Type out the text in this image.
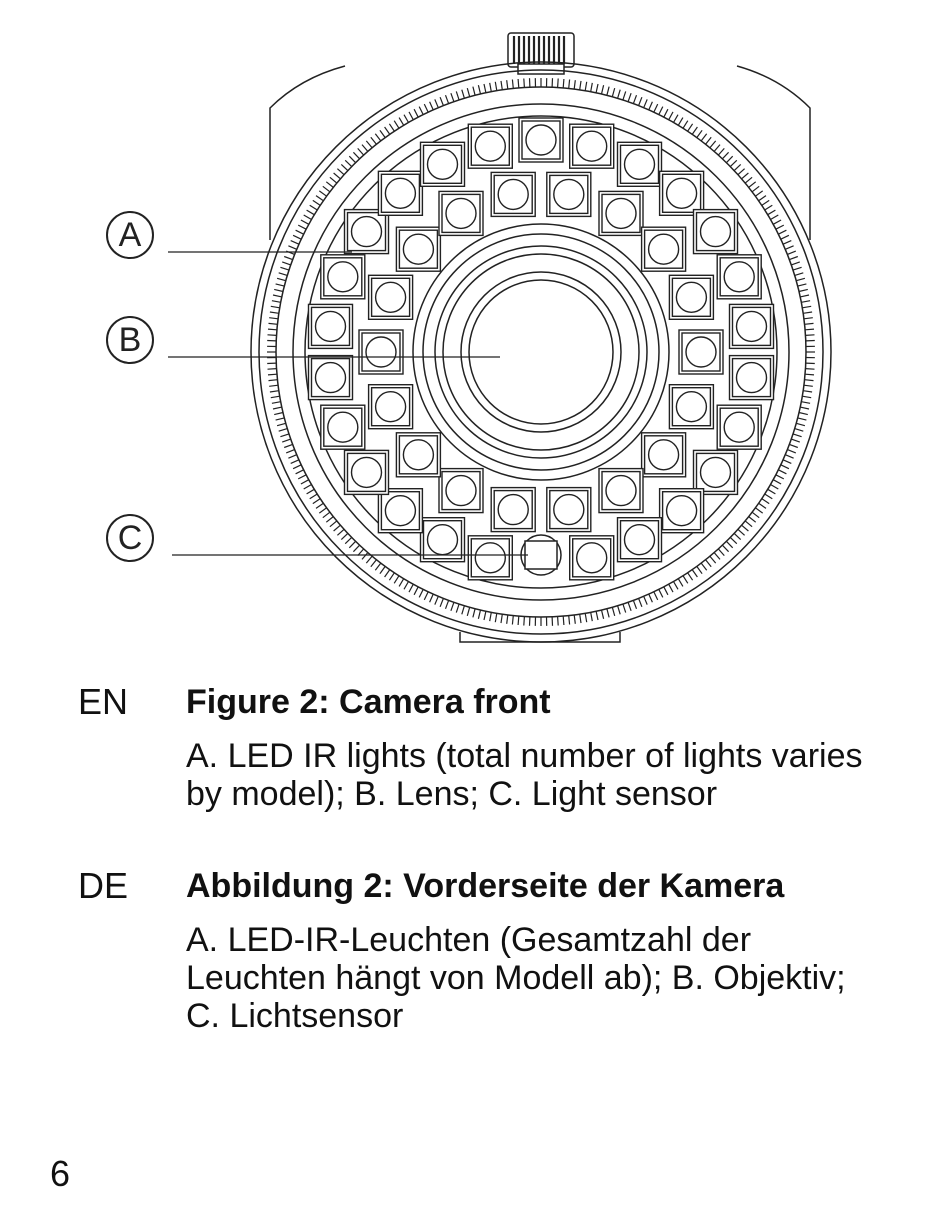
A
B
C
EN Figure 2: Camera front

A. LED IR lights (total number of lights varies by model); B. Lens; C. Light sensor

DE Abbildung 2: Vorderseite der Kamera

A. LED-IR-Leuchten (Gesamtzahl der Leuchten hängt von Modell ab); B. Objektiv; C. Lichtsensor

6
